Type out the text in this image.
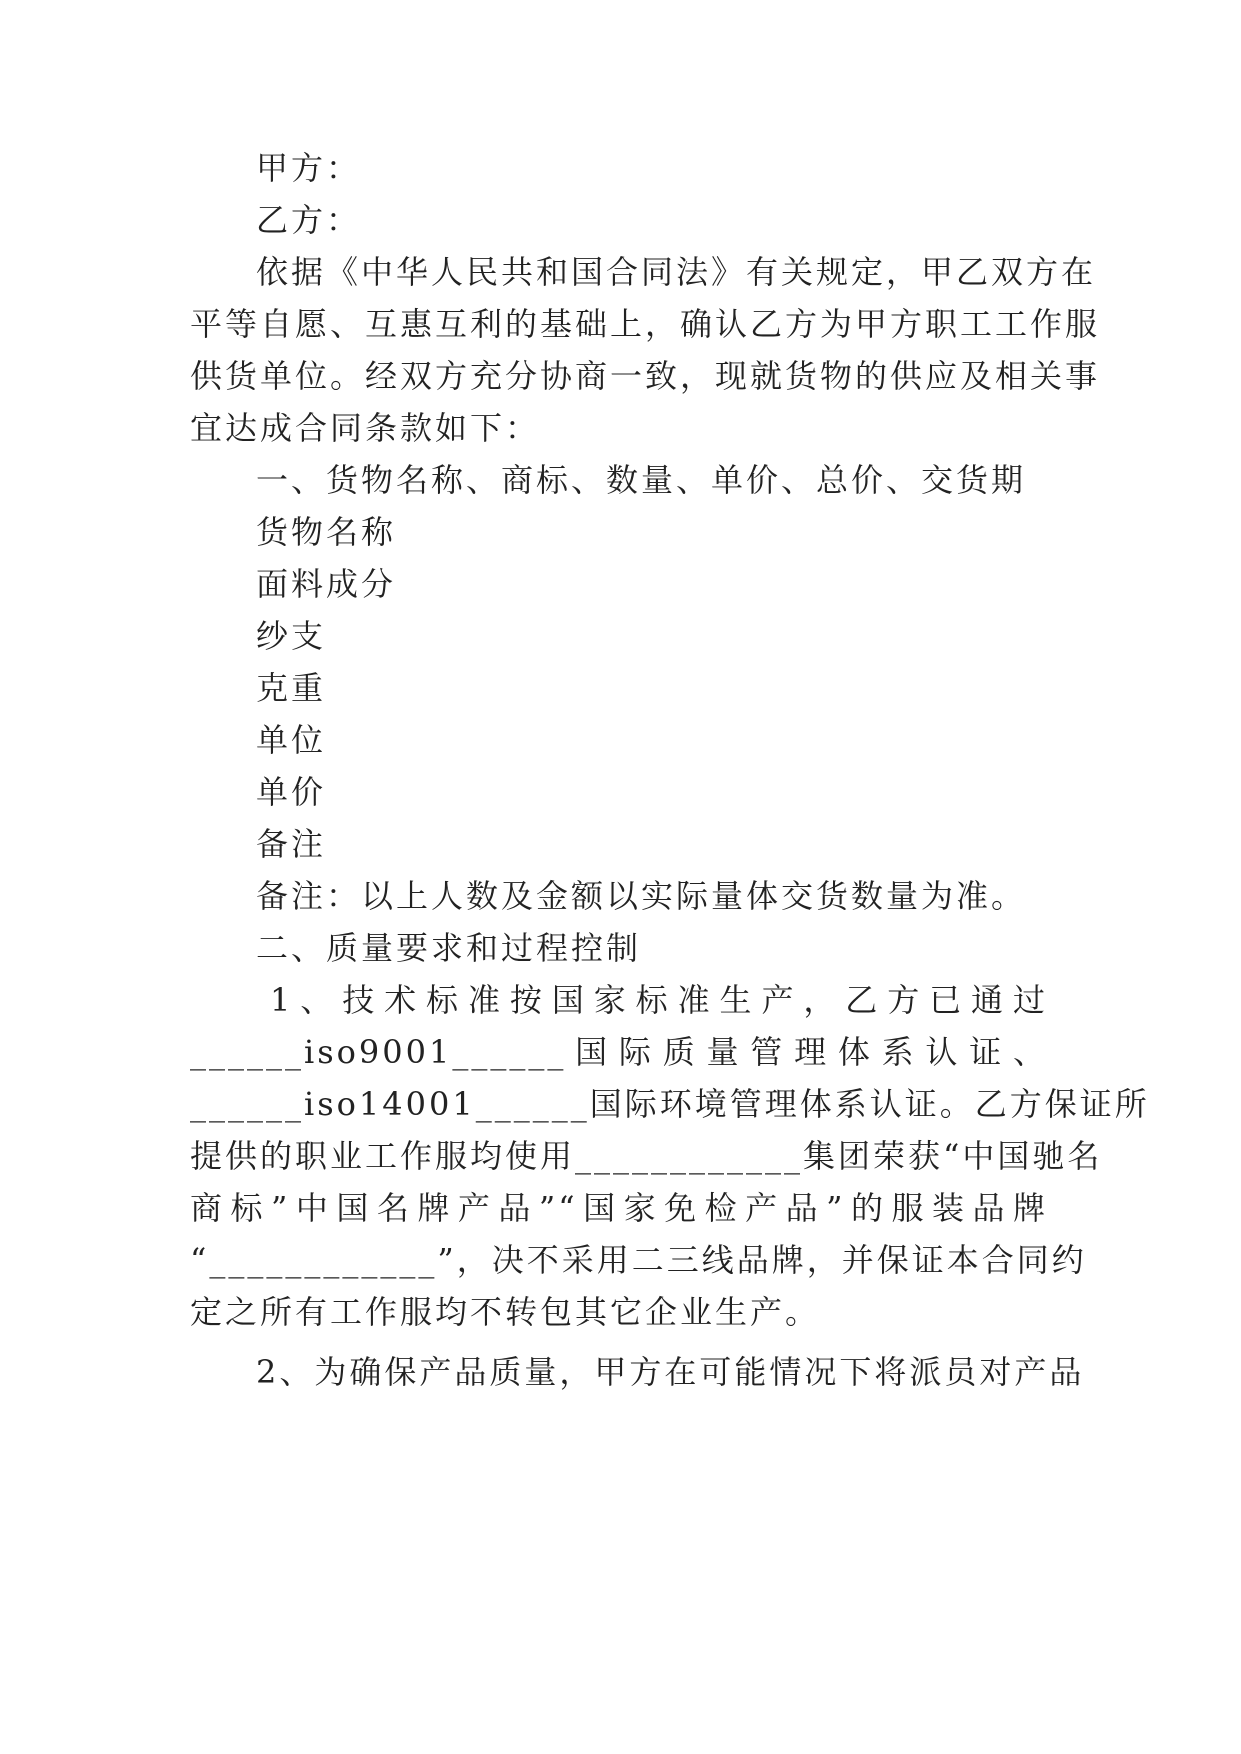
甲方：
乙方：
依据《中华人民共和国合同法》有关规定，甲乙双方在
平等自愿、互惠互利的基础上，确认乙方为甲方职工工作服
供货单位。经双方充分协商一致，现就货物的供应及相关事
宜达成合同条款如下：
一、货物名称、商标、数量、单价、总价、交货期
货物名称
面料成分
纱支
克重
单位
单价
备注
备注：以上人数及金额以实际量体交货数量为准。
二、质量要求和过程控制
1、技术标准按国家标准生产，乙方已通过
______iso9001______国际质量管理体系认证、
______iso14001______国际环境管理体系认证。乙方保证所
提供的职业工作服均使用____________集团荣获“中国驰名
商标”中国名牌产品”“国家免检产品”的服装品牌
“____________”，决不采用二三线品牌，并保证本合同约
定之所有工作服均不转包其它企业生产。
2、为确保产品质量，甲方在可能情况下将派员对产品
